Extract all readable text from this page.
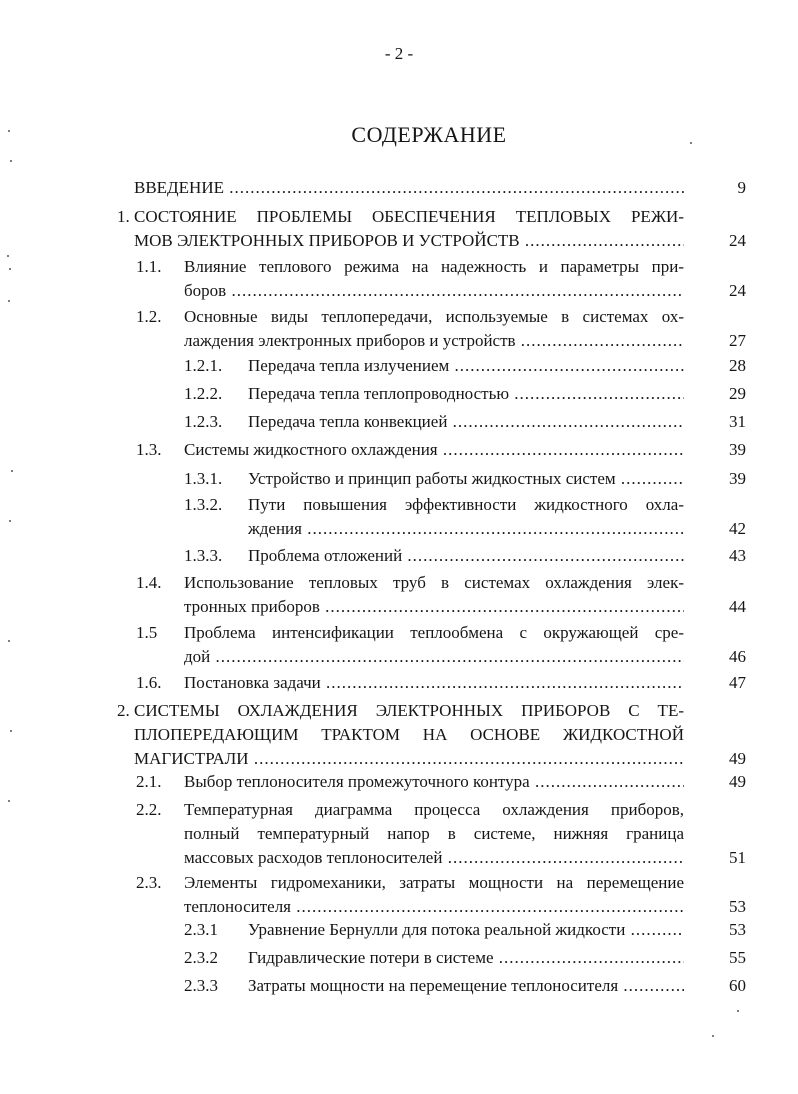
- 2 -
СОДЕРЖАНИЕ
ВВЕДЕНИЕ .....	9
1. СОСТОЯНИЕ ПРОБЛЕМЫ ОБЕСПЕЧЕНИЯ ТЕПЛОВЫХ РЕЖИ-
МОВ ЭЛЕКТРОННЫХ ПРИБОРОВ И УСТРОЙСТВ .....	24
1.1. Влияние теплового режима на надежность и параметры при-
боров .....	24
1.2. Основные виды теплопередачи, используемые в системах ох-
лаждения электронных приборов и устройств .....	27
1.2.1. Передача тепла излучением .....	28
1.2.2. Передача тепла теплопроводностью .....	29
1.2.3. Передача тепла конвекцией .....	31
1.3. Системы жидкостного охлаждения .....	39
1.3.1. Устройство и принцип работы жидкостных систем .....	39
1.3.2. Пути повышения эффективности жидкостного охла-
ждения .....	42
1.3.3. Проблема отложений .....	43
1.4. Использование тепловых труб в системах охлаждения элек-
тронных приборов .....	44
1.5 Проблема интенсификации теплообмена с окружающей сре-
дой .....	46
1.6. Постановка задачи .....	47
2. СИСТЕМЫ ОХЛАЖДЕНИЯ ЭЛЕКТРОННЫХ ПРИБОРОВ С ТЕ-
ПЛОПЕРЕДАЮЩИМ ТРАКТОМ НА ОСНОВЕ ЖИДКОСТНОЙ
МАГИСТРАЛИ .....	49
2.1. Выбор теплоносителя промежуточного контура .....	49
2.2. Температурная диаграмма процесса охлаждения приборов,
полный температурный напор в системе, нижняя граница
массовых расходов теплоносителей .....	51
2.3. Элементы гидромеханики, затраты мощности на перемещение
теплоносителя .....	53
2.3.1 Уравнение Бернулли для потока реальной жидкости .....	53
2.3.2 Гидравлические потери в системе .....	55
2.3.3 Затраты мощности на перемещение теплоносителя .....	60
